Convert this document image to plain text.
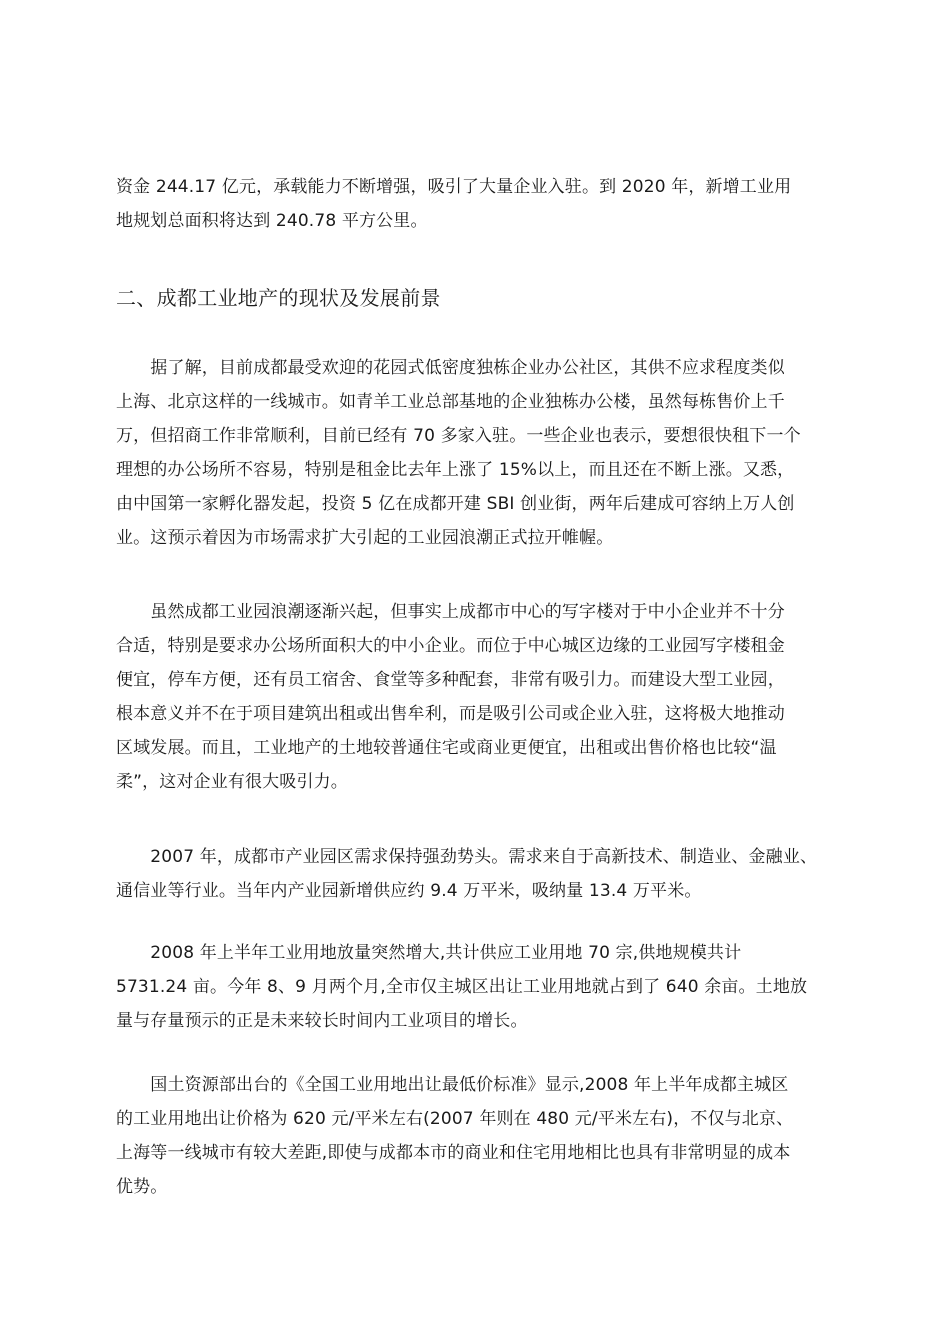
资金 244.17 亿元，承载能力不断增强，吸引了大量企业入驻。到 2020 年，新增工业用
地规划总面积将达到 240.78 平方公里。
二、成都工业地产的现状及发展前景
　　据了解，目前成都最受欢迎的花园式低密度独栋企业办公社区，其供不应求程度类似
上海、北京这样的一线城市。如青羊工业总部基地的企业独栋办公楼，虽然每栋售价上千
万，但招商工作非常顺利，目前已经有 70 多家入驻。一些企业也表示，要想很快租下一个
理想的办公场所不容易，特别是租金比去年上涨了 15%以上，而且还在不断上涨。又悉，
由中国第一家孵化器发起，投资 5 亿在成都开建 SBI 创业街，两年后建成可容纳上万人创
业。这预示着因为市场需求扩大引起的工业园浪潮正式拉开帷幄。
　　虽然成都工业园浪潮逐渐兴起，但事实上成都市中心的写字楼对于中小企业并不十分
合适，特别是要求办公场所面积大的中小企业。而位于中心城区边缘的工业园写字楼租金
便宜，停车方便，还有员工宿舍、食堂等多种配套，非常有吸引力。而建设大型工业园，
根本意义并不在于项目建筑出租或出售牟利，而是吸引公司或企业入驻，这将极大地推动
区域发展。而且，工业地产的土地较普通住宅或商业更便宜，出租或出售价格也比较“温
柔”，这对企业有很大吸引力。
　　2007 年，成都市产业园区需求保持强劲势头。需求来自于高新技术、制造业、金融业、
通信业等行业。当年内产业园新增供应约 9.4 万平米，吸纳量 13.4 万平米。
　　2008 年上半年工业用地放量突然增大,共计供应工业用地 70 宗,供地规模共计
5731.24 亩。今年 8、9 月两个月,全市仅主城区出让工业用地就占到了 640 余亩。土地放
量与存量预示的正是未来较长时间内工业项目的增长。
　　国土资源部出台的《全国工业用地出让最低价标准》显示,2008 年上半年成都主城区
的工业用地出让价格为 620 元/平米左右(2007 年则在 480 元/平米左右)，不仅与北京、
上海等一线城市有较大差距,即使与成都本市的商业和住宅用地相比也具有非常明显的成本
优势。
